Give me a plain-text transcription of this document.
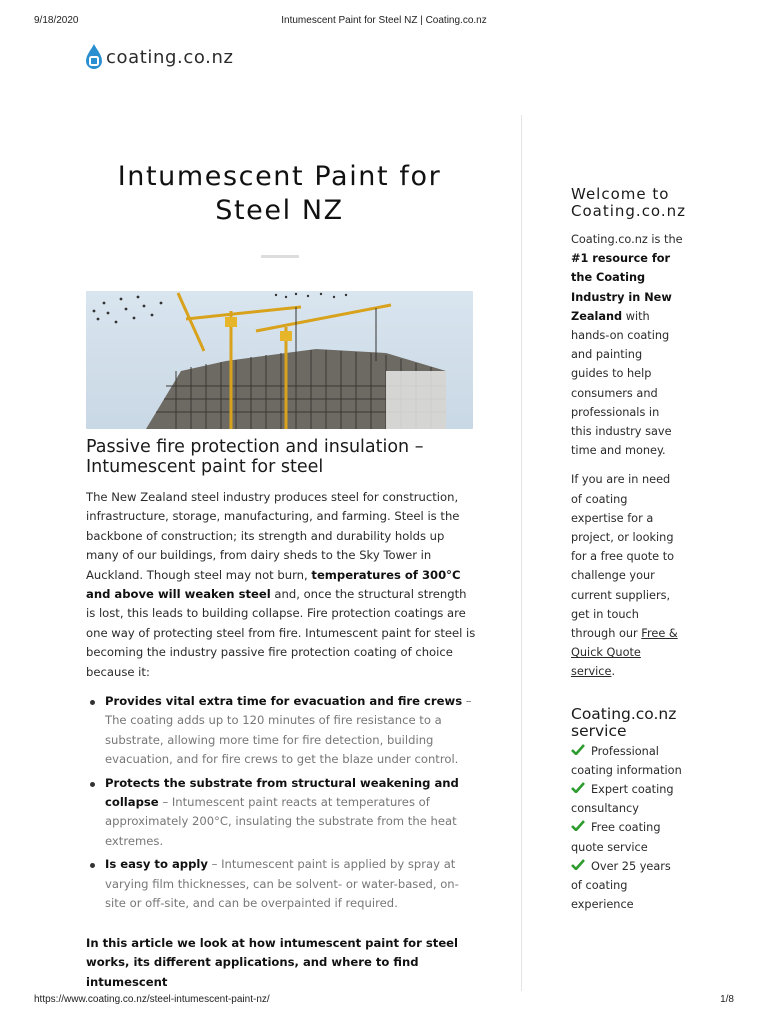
9/18/2020	Intumescent Paint for Steel NZ | Coating.co.nz
coating.co.nz
Intumescent Paint for Steel NZ
Passive fire protection and insulation – Intumescent paint for steel

The New Zealand steel industry produces steel for construction, infrastructure, storage, manufacturing, and farming. Steel is the backbone of construction; its strength and durability holds up many of our buildings, from dairy sheds to the Sky Tower in Auckland. Though steel may not burn, temperatures of 300°C and above will weaken steel and, once the structural strength is lost, this leads to building collapse. Fire protection coatings are one way of protecting steel from fire. Intumescent paint for steel is becoming the industry passive fire protection coating of choice because it:

Provides vital extra time for evacuation and fire crews – The coating adds up to 120 minutes of fire resistance to a substrate, allowing more time for fire detection, building evacuation, and for fire crews to get the blaze under control.
Protects the substrate from structural weakening and collapse – Intumescent paint reacts at temperatures of approximately 200°C, insulating the substrate from the heat extremes.
Is easy to apply – Intumescent paint is applied by spray at varying film thicknesses, can be solvent- or water-based, on-site or off-site, and can be overpainted if required.

In this article we look at how intumescent paint for steel works, its different applications, and where to find intumescent

Welcome to
Coating.co.nz

Coating.co.nz is the #1 resource for the Coating Industry in New Zealand with hands-on coating and painting guides to help consumers and professionals in this industry save time and money.

If you are in need of coating expertise for a project, or looking for a free quote to challenge your current suppliers, get in touch through our Free & Quick Quote service.

Coating.co.nz service
Professional coating information
Expert coating consultancy
Free coating quote service
Over 25 years of coating experience
https://www.coating.co.nz/steel-intumescent-paint-nz/	1/8
